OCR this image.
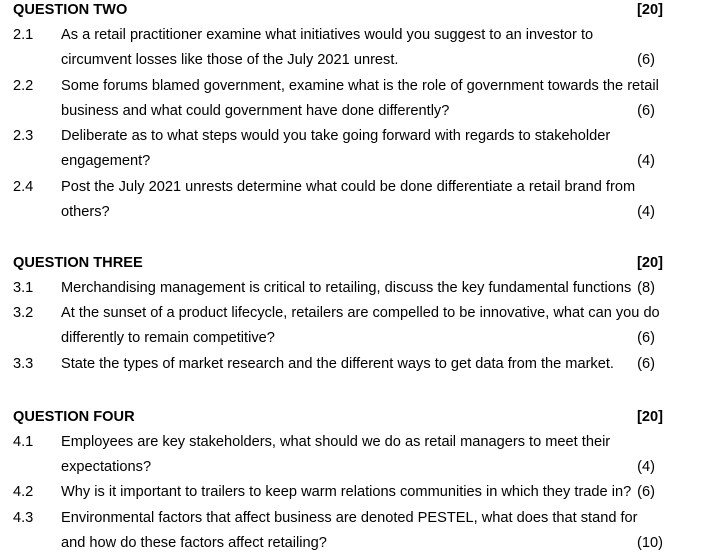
QUESTION TWO	[20]
2.1 As a retail practitioner examine what initiatives would you suggest to an investor to
circumvent losses like those of the July 2021 unrest.	(6)
2.2 Some forums blamed government, examine what is the role of government towards the retail
business and what could government have done differently?	(6)
2.3 Deliberate as to what steps would you take going forward with regards to stakeholder
engagement?	(4)
2.4 Post the July 2021 unrests determine what could be done differentiate a retail brand from
others?	(4)
QUESTION THREE	[20]
3.1 Merchandising management is critical to retailing, discuss the key fundamental functions (8)
3.2 At the sunset of a product lifecycle, retailers are compelled to be innovative, what can you do
differently to remain competitive?	(6)
3.3 State the types of market research and the different ways to get data from the market. (6)
QUESTION FOUR	[20]
4.1 Employees are key stakeholders, what should we do as retail managers to meet their
expectations?	(4)
4.2 Why is it important to trailers to keep warm relations communities in which they trade in? (6)
4.3 Environmental factors that affect business are denoted PESTEL, what does that stand for
and how do these factors affect retailing?	(10)
